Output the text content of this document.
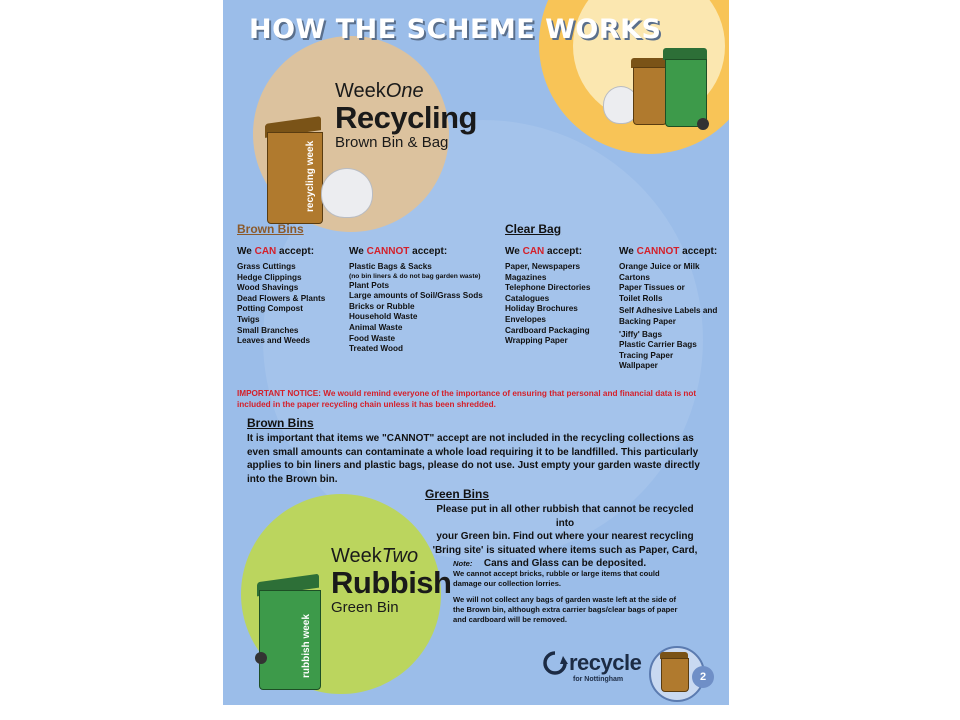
HOW THE SCHEME WORKS
Week One
Recycling
Brown Bin & Bag
recycling week
Brown Bins
We CAN accept:
Grass Cuttings
Hedge Clippings
Wood Shavings
Dead Flowers & Plants
Potting Compost
Twigs
Small Branches
Leaves and Weeds
We CANNOT accept:
Plastic Bags & Sacks
(no bin liners & do not bag garden waste)
Plant Pots
Large amounts of Soil/Grass Sods
Bricks or Rubble
Household Waste
Animal Waste
Food Waste
Treated Wood
Clear Bag
We CAN accept:
Paper, Newspapers
Magazines
Telephone Directories
Catalogues
Holiday Brochures
Envelopes
Cardboard Packaging
Wrapping Paper
We CANNOT accept:
Orange Juice or Milk
Cartons
Paper Tissues or
Toilet Rolls
Self Adhesive Labels and
Backing Paper
'Jiffy' Bags
Plastic Carrier Bags
Tracing Paper
Wallpaper
IMPORTANT NOTICE: We would remind everyone of the importance of ensuring that personal and financial data is not
included in the paper recycling chain unless it has been shredded.
Brown Bins
It is important that items we "CANNOT" accept are not included in the recycling collections as
even small amounts can contaminate a whole load requiring it to be landfilled. This particularly
applies to bin liners and plastic bags, please do not use. Just empty your garden waste directly
into the Brown bin.
Green Bins
Please put in all other rubbish that cannot be recycled into
your Green bin. Find out where your nearest recycling
'Bring site' is situated where items such as Paper, Card,
Cans and Glass can be deposited.
Note:
We cannot accept bricks, rubble or large items that could
damage our collection lorries.
We will not collect any bags of garden waste left at the side of
the Brown bin, although extra carrier bags/clear bags of paper
and cardboard will be removed.
Week Two
Rubbish
Green Bin
rubbish week	recycle
for Nottingham	2
